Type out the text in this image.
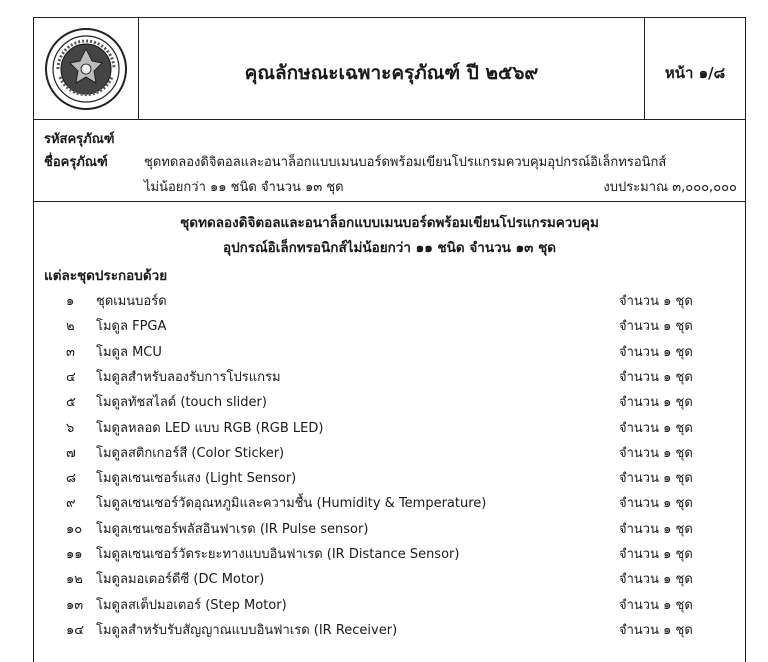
คุณลักษณะเฉพาะครุภัณฑ์ ปี ๒๕๖๙	หน้า ๑/๘
รหัสครุภัณฑ์
ชื่อครุภัณฑ์	ชุดทดลองดิจิตอลและอนาล็อกแบบเมนบอร์ดพร้อมเขียนโปรแกรมควบคุมอุปกรณ์อิเล็กทรอนิกส์
ไม่น้อยกว่า ๑๑ ชนิด จำนวน ๑๓ ชุด	งบประมาณ ๓,๐๐๐,๐๐๐
ชุดทดลองดิจิตอลและอนาล็อกแบบเมนบอร์ดพร้อมเขียนโปรแกรมควบคุม
อุปกรณ์อิเล็กทรอนิกส์ไม่น้อยกว่า ๑๑ ชนิด จำนวน ๑๓ ชุด
แต่ละชุดประกอบด้วย
๑ ชุดเมนบอร์ด	จำนวน ๑ ชุด
๒ โมดูล FPGA	จำนวน ๑ ชุด
๓ โมดูล MCU	จำนวน ๑ ชุด
๔ โมดูลสำหรับลองรับการโปรแกรม	จำนวน ๑ ชุด
๕ โมดูลทัชสไลด์ (touch slider)	จำนวน ๑ ชุด
๖ โมดูลหลอด LED แบบ RGB (RGB LED)	จำนวน ๑ ชุด
๗ โมดูลสติกเกอร์สี (Color Sticker)	จำนวน ๑ ชุด
๘ โมดูลเซนเซอร์แสง (Light Sensor)	จำนวน ๑ ชุด
๙ โมดูลเซนเซอร์วัดอุณหภูมิและความชื้น (Humidity & Temperature)	จำนวน ๑ ชุด
๑๐ โมดูลเซนเซอร์พลัสอินฟาเรด (IR Pulse sensor)	จำนวน ๑ ชุด
๑๑ โมดูลเซนเซอร์วัดระยะทางแบบอินฟาเรด (IR Distance Sensor)	จำนวน ๑ ชุด
๑๒ โมดูลมอเตอร์ดีซี (DC Motor)	จำนวน ๑ ชุด
๑๓ โมดูลสเต็ปมอเตอร์ (Step Motor)	จำนวน ๑ ชุด
๑๔ โมดูลสำหรับรับสัญญาณแบบอินฟาเรด (IR Receiver)	จำนวน ๑ ชุด
